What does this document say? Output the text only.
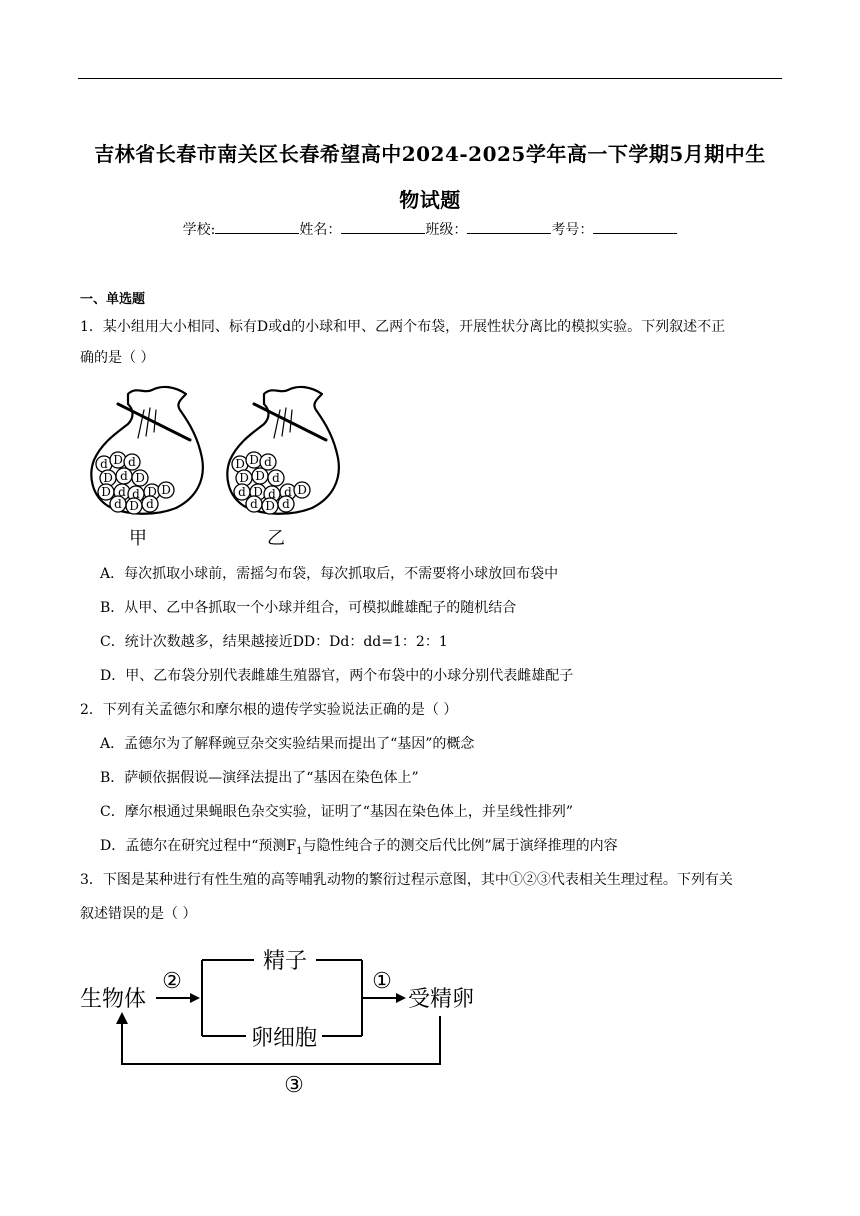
吉林省长春市南关区长春希望高中2024-2025学年高一下学期5月期中生
物试题
学校:	姓名：	班级：	考号：
一、单选题
1．某小组用大小相同、标有D或d的小球和甲、乙两个布袋，开展性状分离比的模拟实验。下列叙述不正
确的是（ ）
d D d
D d D
D d d D D
d D d
甲
D D d
D D d
d D d d D
d D d
乙
A．每次抓取小球前，需摇匀布袋，每次抓取后，不需要将小球放回布袋中
B．从甲、乙中各抓取一个小球并组合，可模拟雌雄配子的随机结合
C．统计次数越多，结果越接近DD：Dd：dd=1：2：1
D．甲、乙布袋分别代表雌雄生殖器官，两个布袋中的小球分别代表雌雄配子
2．下列有关孟德尔和摩尔根的遗传学实验说法正确的是（ ）
A．孟德尔为了解释豌豆杂交实验结果而提出了“基因”的概念
B．萨顿依据假说—演绎法提出了“基因在染色体上”
C．摩尔根通过果蝇眼色杂交实验，证明了“基因在染色体上，并呈线性排列”
D．孟德尔在研究过程中“预测$F_1$与隐性纯合子的测交后代比例”属于演绎推理的内容
3．下图是某种进行有性生殖的高等哺乳动物的繁衍过程示意图，其中①②③代表相关生理过程。下列有关
叙述错误的是（ ）
生物体
②
精子
卵细胞
①
受精卵
③
